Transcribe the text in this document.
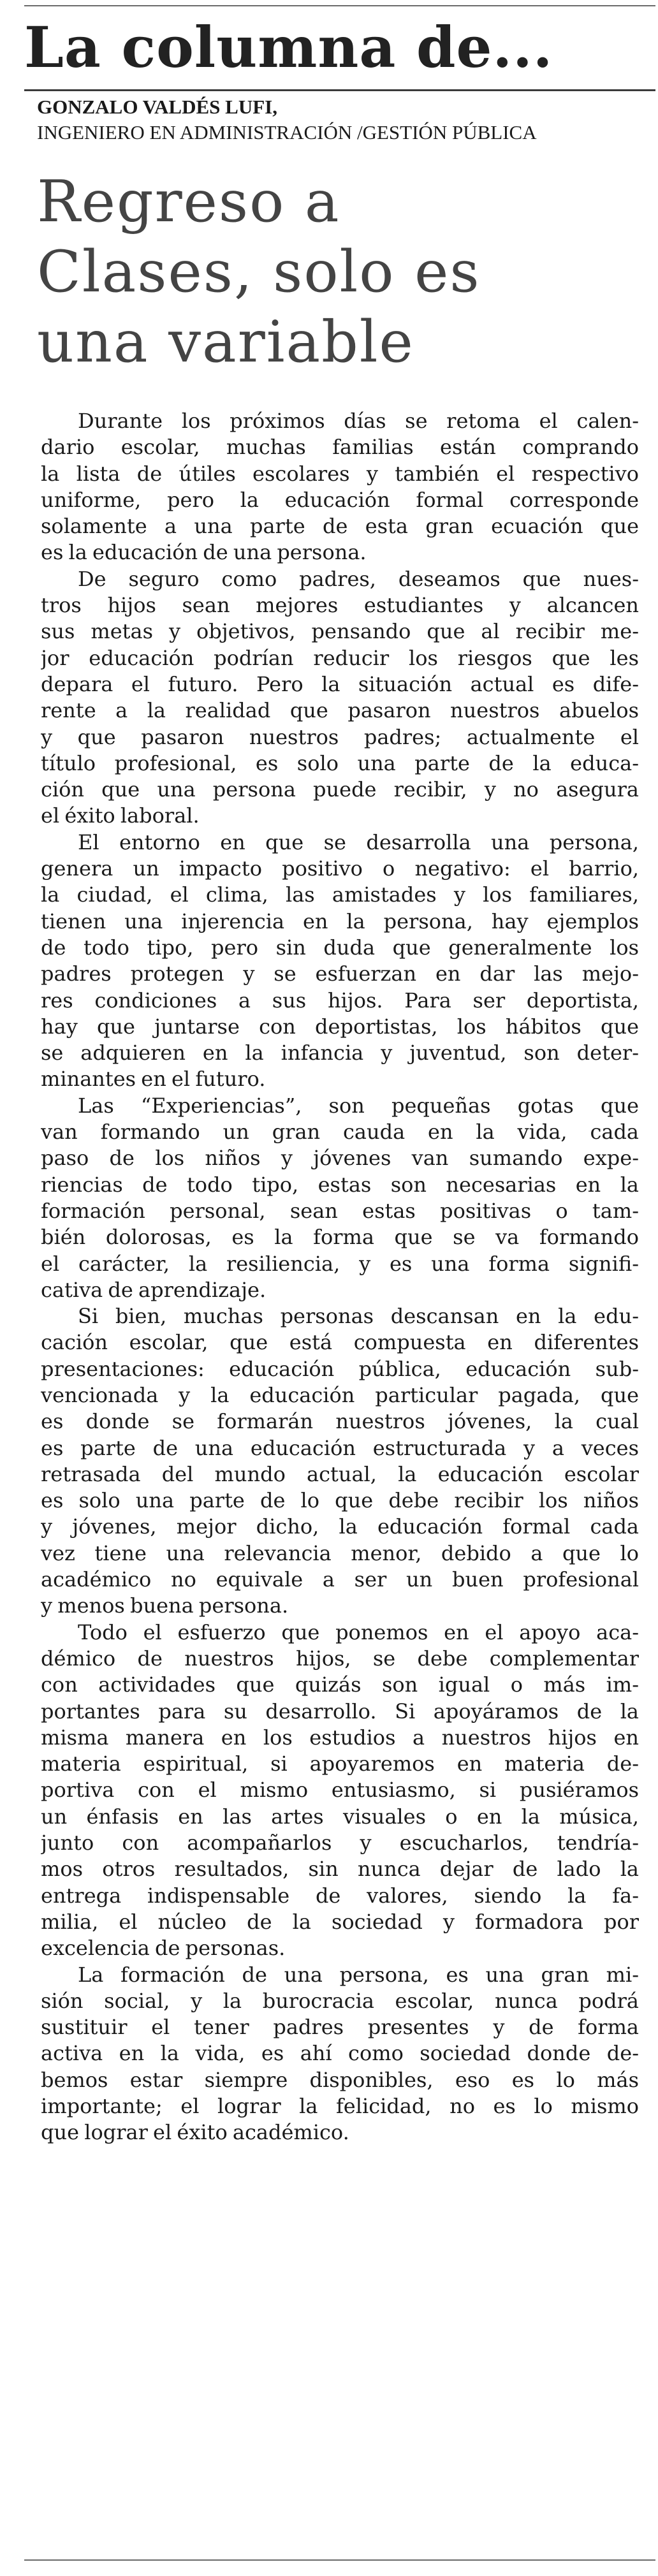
La columna de...
GONZALO VALDÉS LUFI,
INGENIERO EN ADMINISTRACIÓN /GESTIÓN PÚBLICA
Regreso a
Clases, solo es
una variable

Durante los próximos días se retoma el calen-
dario escolar, muchas familias están comprando
la lista de útiles escolares y también el respectivo
uniforme, pero la educación formal corresponde
solamente a una parte de esta gran ecuación que
es la educación de una persona.

De seguro como padres, deseamos que nues-
tros hijos sean mejores estudiantes y alcancen
sus metas y objetivos, pensando que al recibir me-
jor educación podrían reducir los riesgos que les
depara el futuro. Pero la situación actual es dife-
rente a la realidad que pasaron nuestros abuelos
y que pasaron nuestros padres; actualmente el
título profesional, es solo una parte de la educa-
ción que una persona puede recibir, y no asegura
el éxito laboral.

El entorno en que se desarrolla una persona,
genera un impacto positivo o negativo: el barrio,
la ciudad, el clima, las amistades y los familiares,
tienen una injerencia en la persona, hay ejemplos
de todo tipo, pero sin duda que generalmente los
padres protegen y se esfuerzan en dar las mejo-
res condiciones a sus hijos. Para ser deportista,
hay que juntarse con deportistas, los hábitos que
se adquieren en la infancia y juventud, son deter-
minantes en el futuro.

Las “Experiencias”, son pequeñas gotas que
van formando un gran cauda en la vida, cada
paso de los niños y jóvenes van sumando expe-
riencias de todo tipo, estas son necesarias en la
formación personal, sean estas positivas o tam-
bién dolorosas, es la forma que se va formando
el carácter, la resiliencia, y es una forma signifi-
cativa de aprendizaje.

Si bien, muchas personas descansan en la edu-
cación escolar, que está compuesta en diferentes
presentaciones: educación pública, educación sub-
vencionada y la educación particular pagada, que
es donde se formarán nuestros jóvenes, la cual
es parte de una educación estructurada y a veces
retrasada del mundo actual, la educación escolar
es solo una parte de lo que debe recibir los niños
y jóvenes, mejor dicho, la educación formal cada
vez tiene una relevancia menor, debido a que lo
académico no equivale a ser un buen profesional
y menos buena persona.

Todo el esfuerzo que ponemos en el apoyo aca-
démico de nuestros hijos, se debe complementar
con actividades que quizás son igual o más im-
portantes para su desarrollo. Si apoyáramos de la
misma manera en los estudios a nuestros hijos en
materia espiritual, si apoyaremos en materia de-
portiva con el mismo entusiasmo, si pusiéramos
un énfasis en las artes visuales o en la música,
junto con acompañarlos y escucharlos, tendría-
mos otros resultados, sin nunca dejar de lado la
entrega indispensable de valores, siendo la fa-
milia, el núcleo de la sociedad y formadora por
excelencia de personas.

La formación de una persona, es una gran mi-
sión social, y la burocracia escolar, nunca podrá
sustituir el tener padres presentes y de forma
activa en la vida, es ahí como sociedad donde de-
bemos estar siempre disponibles, eso es lo más
importante; el lograr la felicidad, no es lo mismo
que lograr el éxito académico.
